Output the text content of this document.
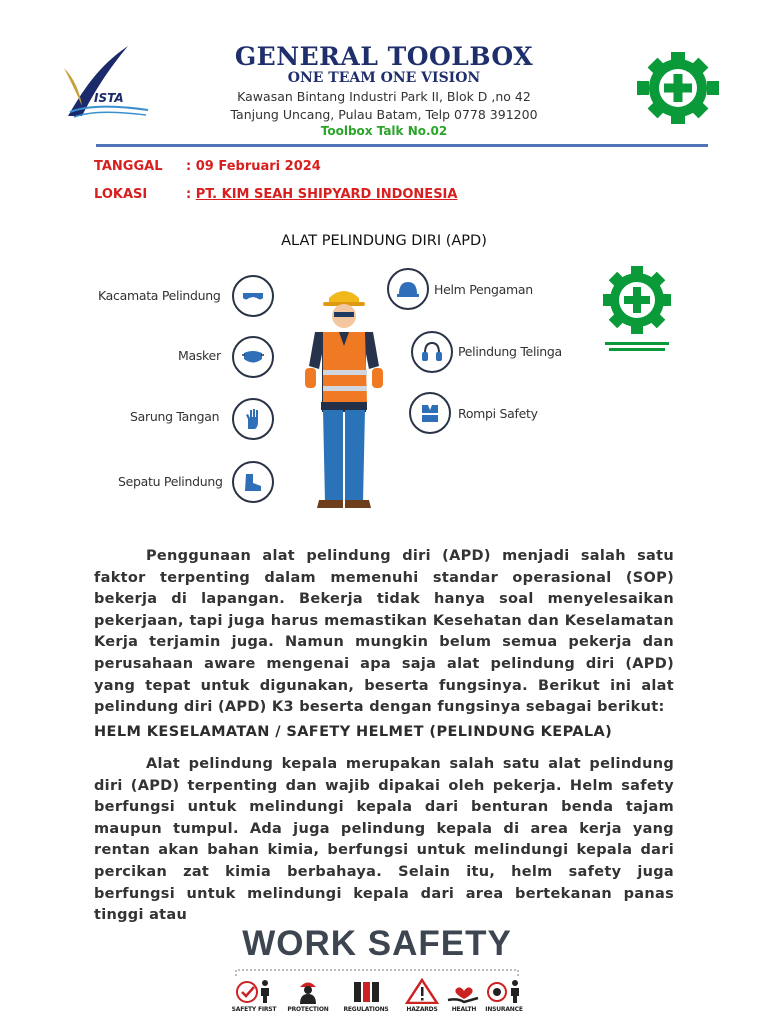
ISTA
GENERAL TOOLBOX
ONE TEAM ONE VISION
Kawasan Bintang Industri Park II, Blok D ,no 42
Tanjung Uncang, Pulau Batam, Telp 0778 391200
Toolbox Talk No.02
TANGGAL : 09 Februari 2024
LOKASI	: PT. KIM SEAH SHIPYARD INDONESIA
ALAT PELINDUNG DIRI (APD)
Kacamata Pelindung
Masker
Sarung Tangan
Sepatu Pelindung
Helm Pengaman
Pelindung Telinga
Rompi Safety
Penggunaan alat pelindung diri (APD) menjadi salah satu faktor terpenting dalam memenuhi standar operasional (SOP) bekerja di lapangan. Bekerja tidak hanya soal menyelesaikan pekerjaan, tapi juga harus memastikan Kesehatan dan Keselamatan Kerja terjamin juga. Namun mungkin belum semua pekerja dan perusahaan aware mengenai apa saja alat pelindung diri (APD) yang tepat untuk digunakan, beserta fungsinya. Berikut ini alat pelindung diri (APD) K3 beserta dengan fungsinya sebagai berikut:
HELM KESELAMATAN / SAFETY HELMET (PELINDUNG KEPALA)
Alat pelindung kepala merupakan salah satu alat pelindung diri (APD) terpenting dan wajib dipakai oleh pekerja. Helm safety berfungsi untuk melindungi kepala dari benturan benda tajam maupun tumpul. Ada juga pelindung kepala di area kerja yang rentan akan bahan kimia, berfungsi untuk melindungi kepala dari percikan zat kimia berbahaya. Selain itu, helm safety juga berfungsi untuk melindungi kepala dari area bertekanan panas tinggi atau
WORK SAFETY
SAFETY FIRST	PROTECTION	REGULATIONS	HAZARDS	HEALTH	INSURANCE
